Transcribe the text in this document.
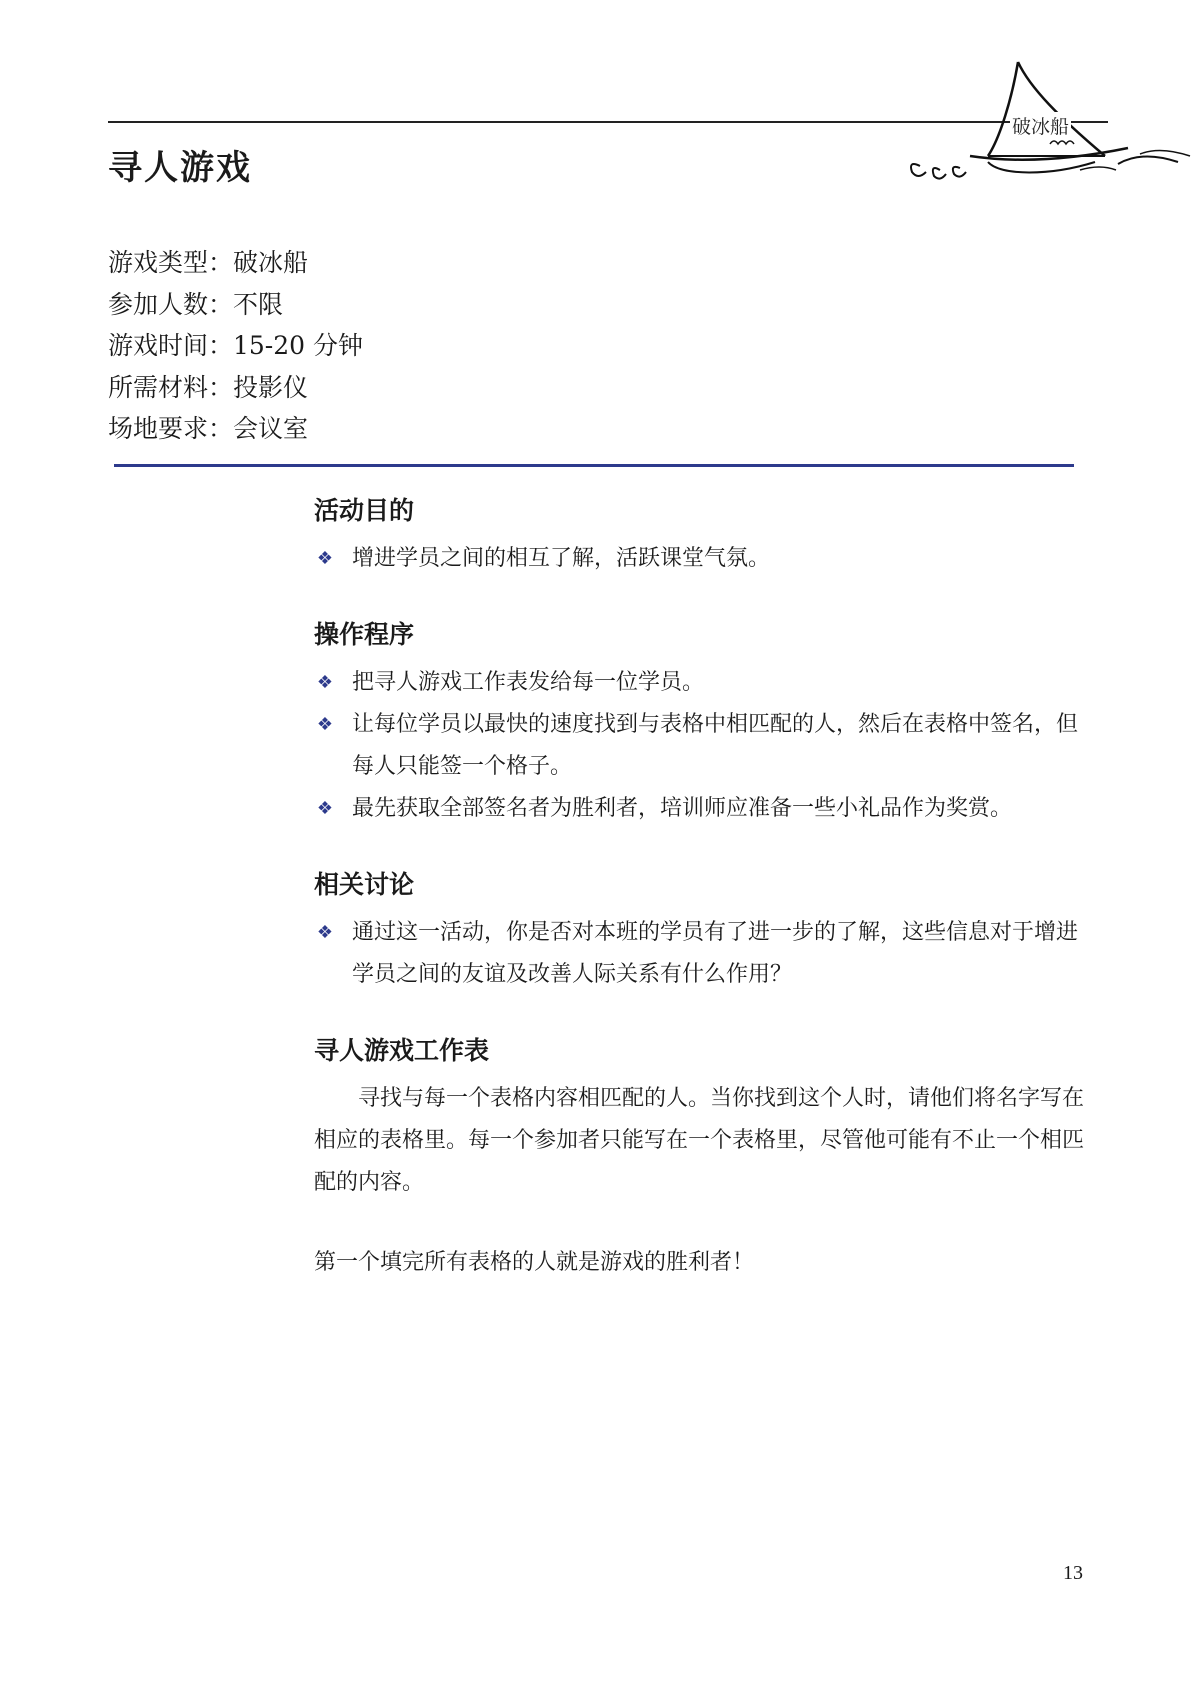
寻人游戏
破冰船
游戏类型：破冰船
参加人数：不限
游戏时间：15-20 分钟
所需材料：投影仪
场地要求：会议室
活动目的

❖ 增进学员之间的相互了解，活跃课堂气氛。

操作程序

❖ 把寻人游戏工作表发给每一位学员。

❖ 让每位学员以最快的速度找到与表格中相匹配的人，然后在表格中签名，但每人只能签一个格子。

❖ 最先获取全部签名者为胜利者，培训师应准备一些小礼品作为奖赏。

相关讨论

❖ 通过这一活动，你是否对本班的学员有了进一步的了解，这些信息对于增进学员之间的友谊及改善人际关系有什么作用？

寻人游戏工作表

寻找与每一个表格内容相匹配的人。当你找到这个人时，请他们将名字写在相应的表格里。每一个参加者只能写在一个表格里，尽管他可能有不止一个相匹配的内容。

第一个填完所有表格的人就是游戏的胜利者！

13
